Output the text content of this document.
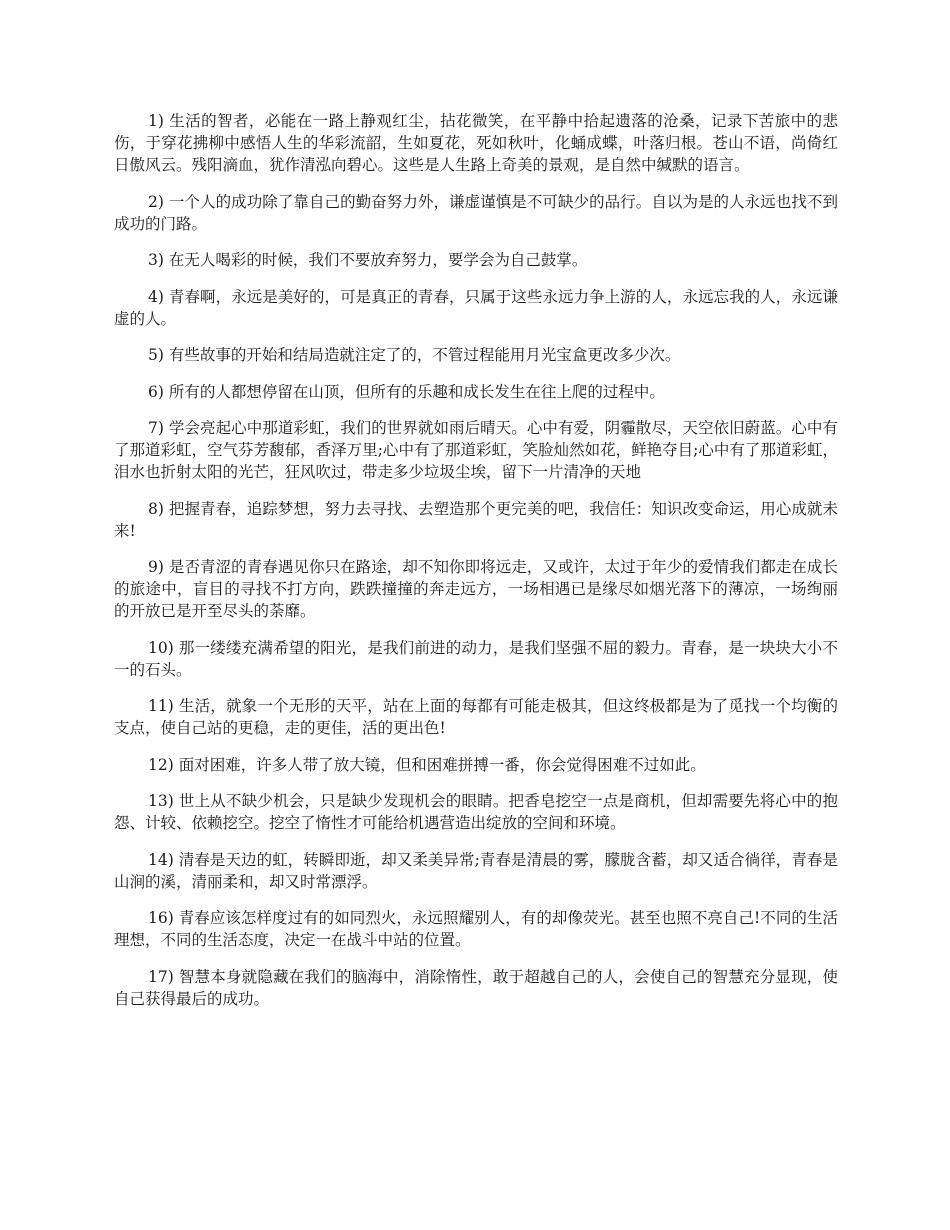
1) 生活的智者，必能在一路上静观红尘，拈花微笑，在平静中拾起遗落的沧桑，记录下苦旅中的悲伤，于穿花拂柳中感悟人生的华彩流韶，生如夏花，死如秋叶，化蛹成蝶，叶落归根。苍山不语，尚倚红日傲风云。残阳滴血，犹作清泓向碧心。这些是人生路上奇美的景观，是自然中缄默的语言。

2) 一个人的成功除了靠自己的勤奋努力外，谦虚谨慎是不可缺少的品行。自以为是的人永远也找不到成功的门路。

3) 在无人喝彩的时候，我们不要放弃努力，要学会为自己鼓掌。

4) 青春啊，永远是美好的，可是真正的青春，只属于这些永远力争上游的人，永远忘我的人，永远谦虚的人。

5) 有些故事的开始和结局造就注定了的，不管过程能用月光宝盒更改多少次。

6) 所有的人都想停留在山顶，但所有的乐趣和成长发生在往上爬的过程中。

7) 学会亮起心中那道彩虹，我们的世界就如雨后晴天。心中有爱，阴霾散尽，天空依旧蔚蓝。心中有了那道彩虹，空气芬芳馥郁，香泽万里;心中有了那道彩虹，笑脸灿然如花，鲜艳夺目;心中有了那道彩虹，泪水也折射太阳的光芒，狂风吹过，带走多少垃圾尘埃，留下一片清净的天地

8) 把握青春，追踪梦想，努力去寻找、去塑造那个更完美的吧，我信任：知识改变命运，用心成就未来!

9) 是否青涩的青春遇见你只在路途，却不知你即将远走，又或许，太过于年少的爱情我们都走在成长的旅途中，盲目的寻找不打方向，跌跌撞撞的奔走远方，一场相遇已是缘尽如烟光落下的薄凉，一场绚丽的开放已是开至尽头的荼靡。

10) 那一缕缕充满希望的阳光，是我们前进的动力，是我们坚强不屈的毅力。青春，是一块块大小不一的石头。

11) 生活，就象一个无形的天平，站在上面的每都有可能走极其，但这终极都是为了觅找一个均衡的支点，使自己站的更稳，走的更佳，活的更出色!

12) 面对困难，许多人带了放大镜，但和困难拼搏一番，你会觉得困难不过如此。

13) 世上从不缺少机会，只是缺少发现机会的眼睛。把香皂挖空一点是商机，但却需要先将心中的抱怨、计较、依赖挖空。挖空了惰性才可能给机遇营造出绽放的空间和环境。

14) 清春是天边的虹，转瞬即逝，却又柔美异常;青春是清晨的雾，朦胧含蓄，却又适合徜徉，青春是山涧的溪，清丽柔和，却又时常漂浮。

16) 青春应该怎样度过有的如同烈火，永远照耀别人，有的却像荧光。甚至也照不亮自己!不同的生活理想，不同的生活态度，决定一在战斗中站的位置。

17) 智慧本身就隐藏在我们的脑海中，消除惰性，敢于超越自己的人，会使自己的智慧充分显现，使自己获得最后的成功。
